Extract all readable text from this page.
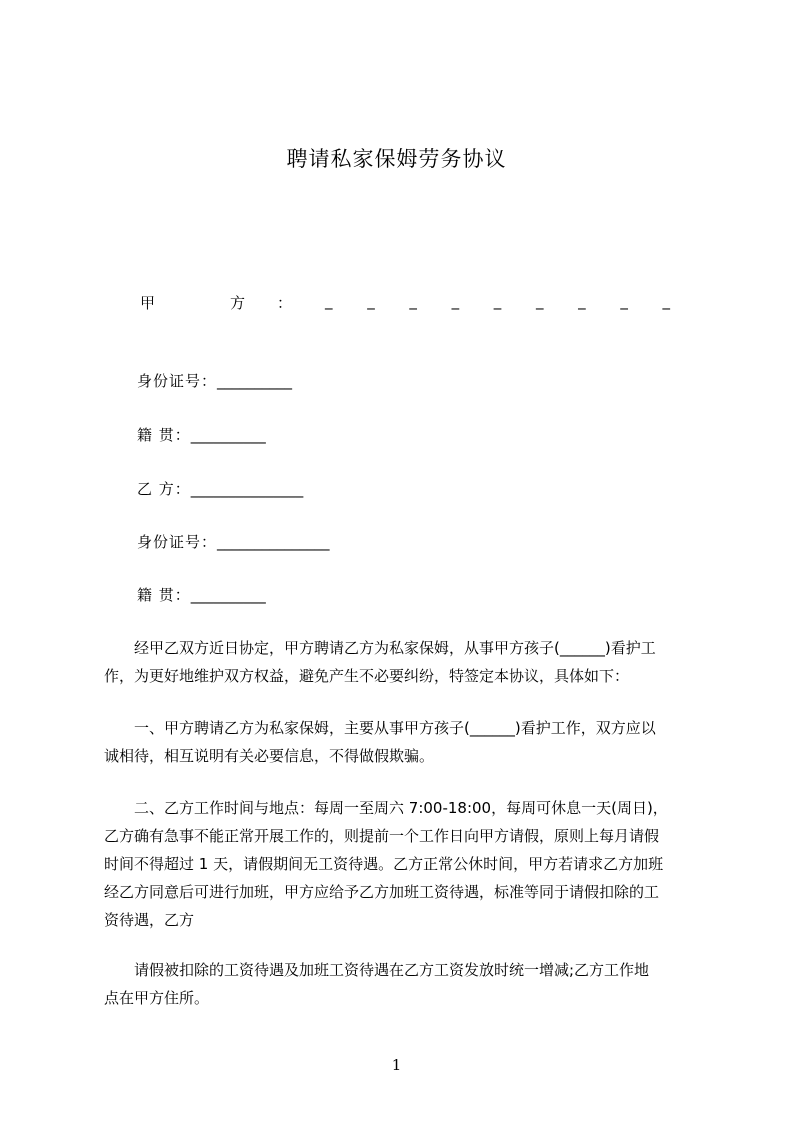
聘请私家保姆劳务协议
甲	方 ： _ _ _ _ _ _ _ _ _
身份证号：__________
籍 贯：__________
乙 方：_______________
身份证号：_______________
籍 贯：__________

　　经甲乙双方近日协定，甲方聘请乙方为私家保姆，从事甲方孩子(______)看护工

作，为更好地维护双方权益，避免产生不必要纠纷，特签定本协议，具体如下：

　　一、甲方聘请乙方为私家保姆，主要从事甲方孩子(______)看护工作，双方应以

诚相待，相互说明有关必要信息，不得做假欺骗。

　　二、乙方工作时间与地点：每周一至周六 7:00-18:00，每周可休息一天(周日)，

乙方确有急事不能正常开展工作的，则提前一个工作日向甲方请假，原则上每月请假

时间不得超过 1 天，请假期间无工资待遇。乙方正常公休时间，甲方若请求乙方加班

经乙方同意后可进行加班，甲方应给予乙方加班工资待遇，标准等同于请假扣除的工

资待遇，乙方

　　请假被扣除的工资待遇及加班工资待遇在乙方工资发放时统一增减;乙方工作地

点在甲方住所。

1
